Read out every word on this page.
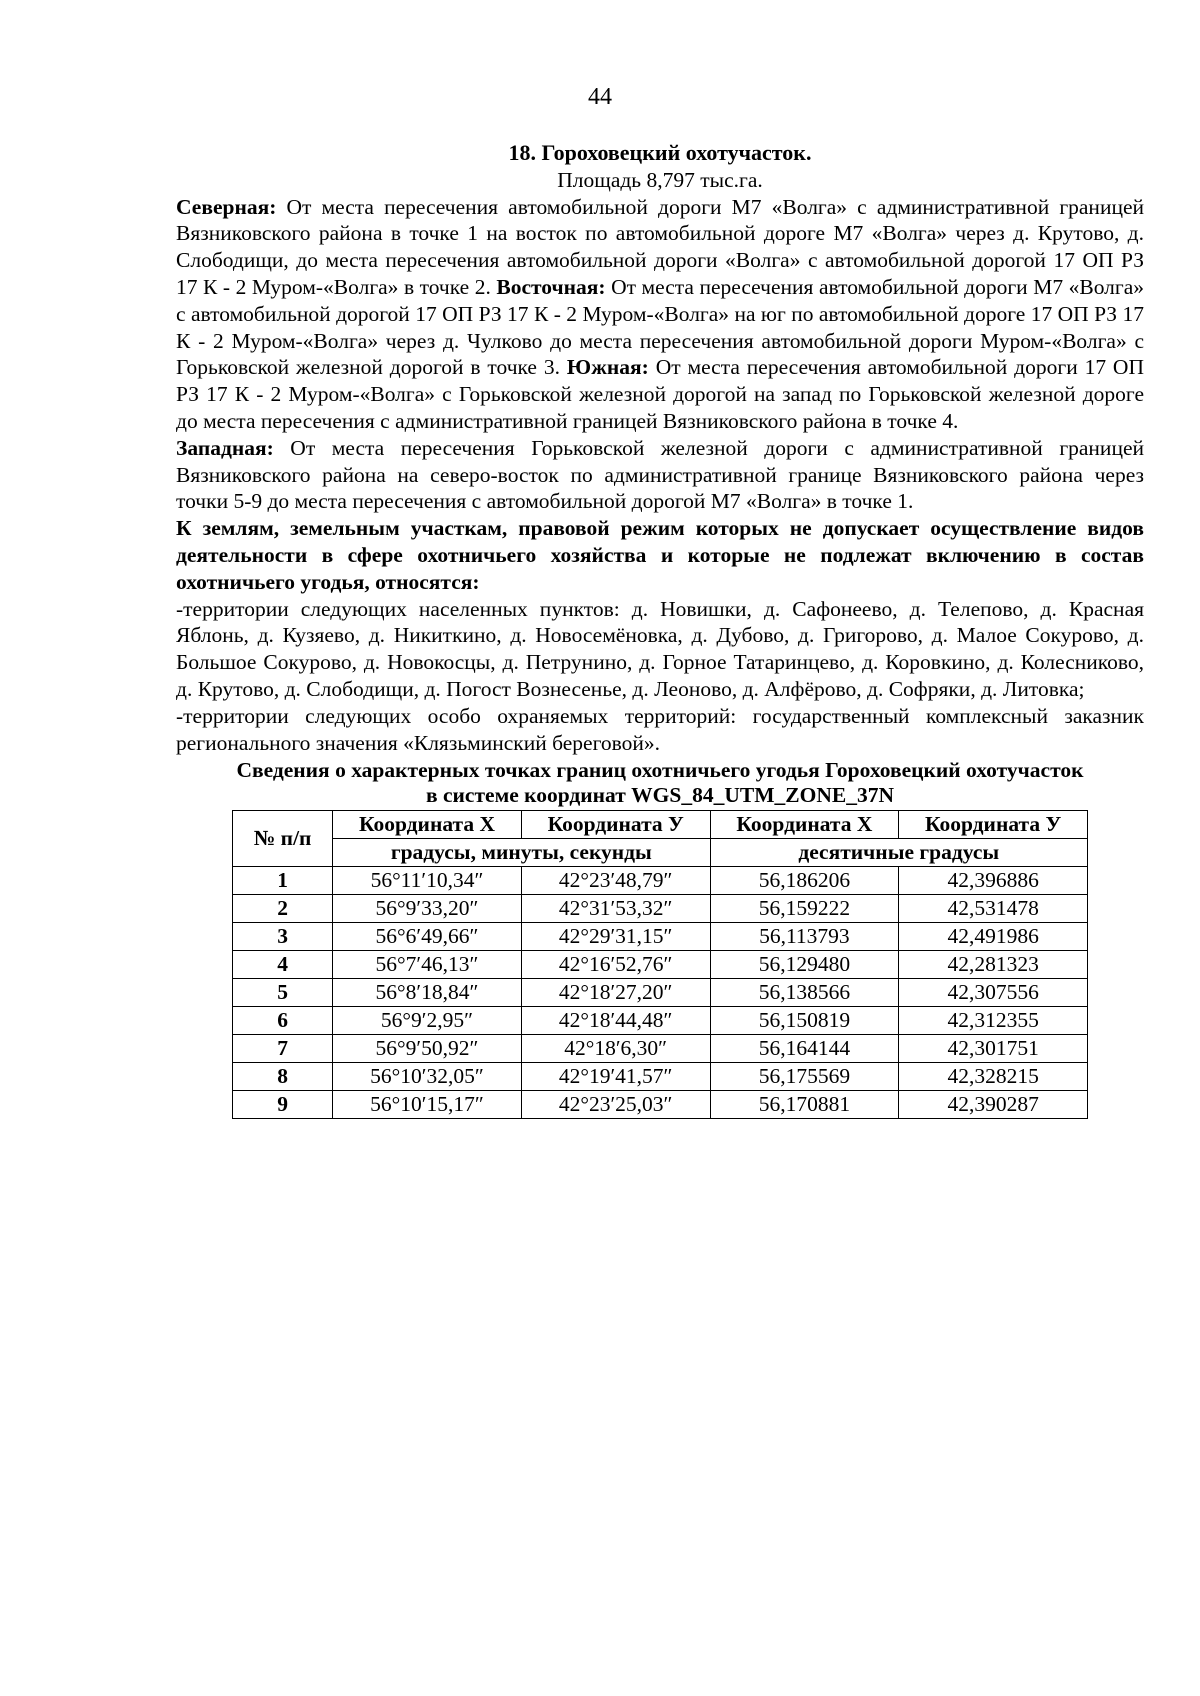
44
18. Гороховецкий охотучасток.
Площадь 8,797 тыс.га.

Северная: От места пересечения автомобильной дороги М7 «Волга» с административной границей Вязниковского района в точке 1 на восток по автомобильной дороге М7 «Волга» через д. Крутово, д. Слободищи, до места пересечения автомобильной дороги «Волга» с автомобильной дорогой 17 ОП РЗ 17 К - 2 Муром-«Волга» в точке 2. Восточная: От места пересечения автомобильной дороги М7 «Волга» с автомобильной дорогой 17 ОП РЗ 17 К - 2 Муром-«Волга» на юг по автомобильной дороге 17 ОП РЗ 17 К - 2 Муром-«Волга» через д. Чулково до места пересечения автомобильной дороги Муром-«Волга» с Горьковской железной дорогой в точке 3. Южная: От места пересечения автомобильной дороги 17 ОП РЗ 17 К - 2 Муром-«Волга» с Горьковской железной дорогой на запад по Горьковской железной дороге до места пересечения с административной границей Вязниковского района в точке 4.

Западная: От места пересечения Горьковской железной дороги с административной границей Вязниковского района на северо-восток по административной границе Вязниковского района через точки 5-9 до места пересечения с автомобильной дорогой М7 «Волга» в точке 1.

К землям, земельным участкам, правовой режим которых не допускает осуществление видов деятельности в сфере охотничьего хозяйства и которые не подлежат включению в состав охотничьего угодья, относятся:

-территории следующих населенных пунктов: д. Новишки, д. Сафонеево, д. Телепово, д. Красная Яблонь, д. Кузяево, д. Никиткино, д. Новосемёновка, д. Дубово, д. Григорово, д. Малое Сокурово, д. Большое Сокурово, д. Новокосцы, д. Петрунино, д. Горное Татаринцево, д. Коровкино, д. Колесниково, д. Крутово, д. Слободищи, д. Погост Вознесенье, д. Леоново, д. Алфёрово, д. Софряки, д. Литовка;

-территории следующих особо охраняемых территорий: государственный комплексный заказник регионального значения «Клязьминский береговой».

Сведения о характерных точках границ охотничьего угодья Гороховецкий охотучасток
в системе координат WGS_84_UTM_ZONE_37N
№ п/п	Координата X	Координата У	Координата X	Координата У
	градусы, минуты, секунды		десятичные градусы	
1	56°11′10,34″	42°23′48,79″	56,186206	42,396886
2	56°9′33,20″	42°31′53,32″	56,159222	42,531478
3	56°6′49,66″	42°29′31,15″	56,113793	42,491986
4	56°7′46,13″	42°16′52,76″	56,129480	42,281323
5	56°8′18,84″	42°18′27,20″	56,138566	42,307556
6	56°9′2,95″	42°18′44,48″	56,150819	42,312355
7	56°9′50,92″	42°18′6,30″	56,164144	42,301751
8	56°10′32,05″	42°19′41,57″	56,175569	42,328215
9	56°10′15,17″	42°23′25,03″	56,170881	42,390287
